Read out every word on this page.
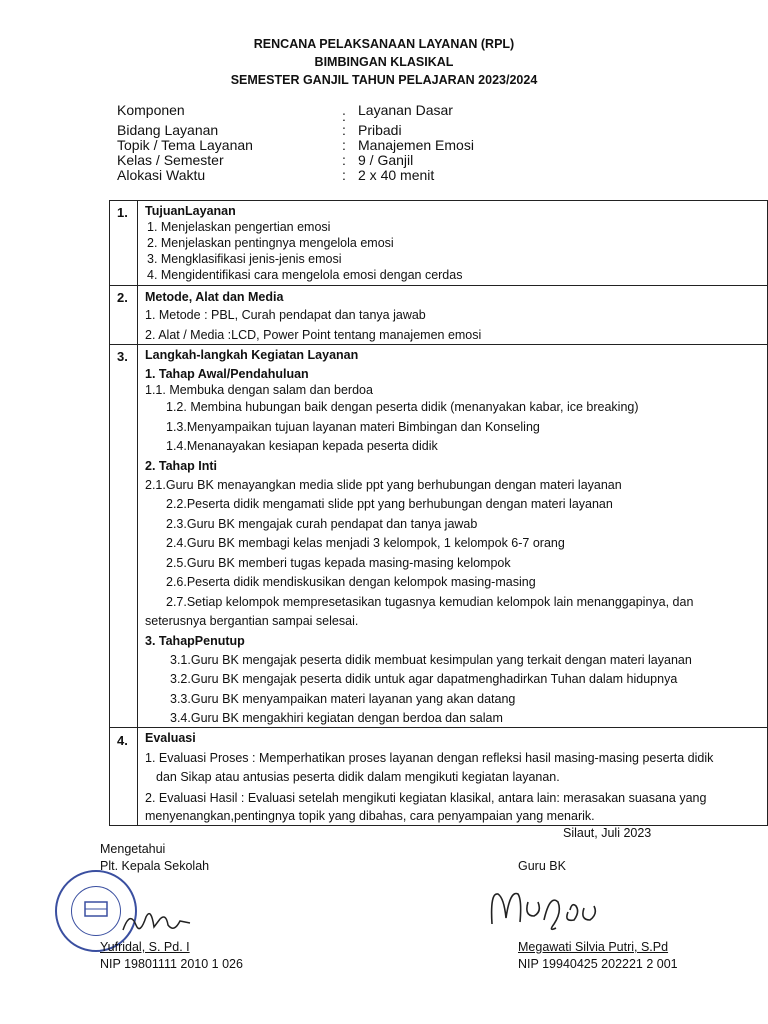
RENCANA PELAKSANAAN LAYANAN (RPL)
BIMBINGAN KLASIKAL
SEMESTER GANJIL TAHUN PELAJARAN 2023/2024
Komponen	: Layanan Dasar
Bidang Layanan	: Pribadi
Topik / Tema Layanan	: Manajemen Emosi
Kelas / Semester	: 9 / Ganjil
Alokasi Waktu	: 2 x 40 menit
1. TujuanLayanan
1. Menjelaskan pengertian emosi
2. Menjelaskan pentingnya mengelola emosi
3. Mengklasifikasi jenis-jenis emosi
4. Mengidentifikasi cara mengelola emosi dengan cerdas
2. Metode, Alat dan Media
1. Metode : PBL, Curah pendapat dan tanya jawab
2. Alat / Media :LCD, Power Point tentang manajemen emosi
3. Langkah-langkah Kegiatan Layanan
1. Tahap Awal/Pendahuluan
1.1. Membuka dengan salam dan berdoa
1.2. Membina hubungan baik dengan peserta didik (menanyakan kabar, ice breaking)
1.3.Menyampaikan tujuan layanan materi Bimbingan dan Konseling
1.4.Menanayakan kesiapan kepada peserta didik
2. Tahap Inti
2.1.Guru BK menayangkan media slide ppt yang berhubungan dengan materi layanan
2.2.Peserta didik mengamati slide ppt yang berhubungan dengan materi layanan
2.3.Guru BK mengajak curah pendapat dan tanya jawab
2.4.Guru BK membagi kelas menjadi 3 kelompok, 1 kelompok 6-7 orang
2.5.Guru BK memberi tugas kepada masing-masing kelompok
2.6.Peserta didik mendiskusikan dengan kelompok masing-masing
2.7.Setiap kelompok mempresetasikan tugasnya kemudian kelompok lain menanggapinya, dan
seterusnya bergantian sampai selesai.
3. TahapPenutup
3.1.Guru BK mengajak peserta didik membuat kesimpulan yang terkait dengan materi layanan
3.2.Guru BK mengajak peserta didik untuk agar dapatmenghadirkan Tuhan dalam hidupnya
3.3.Guru BK menyampaikan materi layanan yang akan datang
3.4.Guru BK mengakhiri kegiatan dengan berdoa dan salam
4. Evaluasi
1. Evaluasi Proses : Memperhatikan proses layanan dengan refleksi hasil masing-masing peserta didik
dan Sikap atau antusias peserta didik dalam mengikuti kegiatan layanan.
2. Evaluasi Hasil : Evaluasi setelah mengikuti kegiatan klasikal, antara lain: merasakan suasana yang
menyenangkan,pentingnya topik yang dibahas, cara penyampaian yang menarik.
Silaut, Juli 2023
Mengetahui
Plt. Kepala Sekolah
Yufridal, S. Pd. I
NIP 19801111 2010 1 026
Guru BK
Megawati Silvia Putri, S.Pd
NIP 19940425 202221 2 001
